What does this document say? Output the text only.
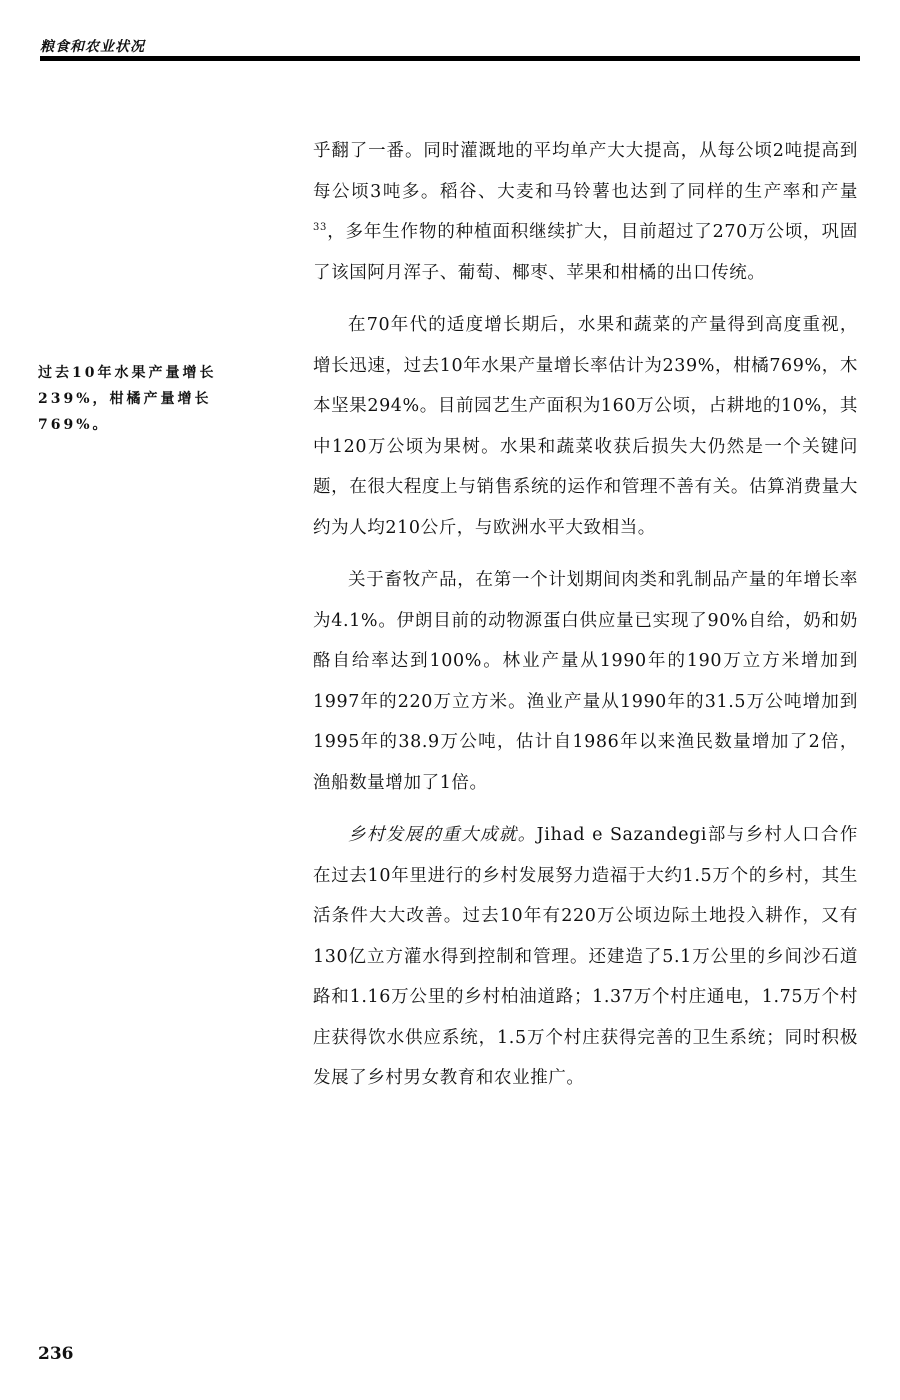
粮食和农业状况
过去10年水果产量增长239%，柑橘产量增长769%。

乎翻了一番。同时灌溉地的平均单产大大提高，从每公顷2吨提高到每公顷3吨多。稻谷、大麦和马铃薯也达到了同样的生产率和产量$^{33}$，多年生作物的种植面积继续扩大，目前超过了270万公顷，巩固了该国阿月浑子、葡萄、椰枣、苹果和柑橘的出口传统。

在70年代的适度增长期后，水果和蔬菜的产量得到高度重视，增长迅速，过去10年水果产量增长率估计为239%，柑橘769%，木本坚果294%。目前园艺生产面积为160万公顷，占耕地的10%，其中120万公顷为果树。水果和蔬菜收获后损失大仍然是一个关键问题，在很大程度上与销售系统的运作和管理不善有关。估算消费量大约为人均210公斤，与欧洲水平大致相当。

关于畜牧产品，在第一个计划期间肉类和乳制品产量的年增长率为4.1%。伊朗目前的动物源蛋白供应量已实现了90%自给，奶和奶酪自给率达到100%。林业产量从1990年的190万立方米增加到1997年的220万立方米。渔业产量从1990年的31.5万公吨增加到1995年的38.9万公吨，估计自1986年以来渔民数量增加了2倍，渔船数量增加了1倍。

乡村发展的重大成就。Jihad e Sazandegi部与乡村人口合作在过去10年里进行的乡村发展努力造福于大约1.5万个的乡村，其生活条件大大改善。过去10年有220万公顷边际土地投入耕作，又有130亿立方灌水得到控制和管理。还建造了5.1万公里的乡间沙石道路和1.16万公里的乡村柏油道路；1.37万个村庄通电，1.75万个村庄获得饮水供应系统，1.5万个村庄获得完善的卫生系统；同时积极发展了乡村男女教育和农业推广。

236
